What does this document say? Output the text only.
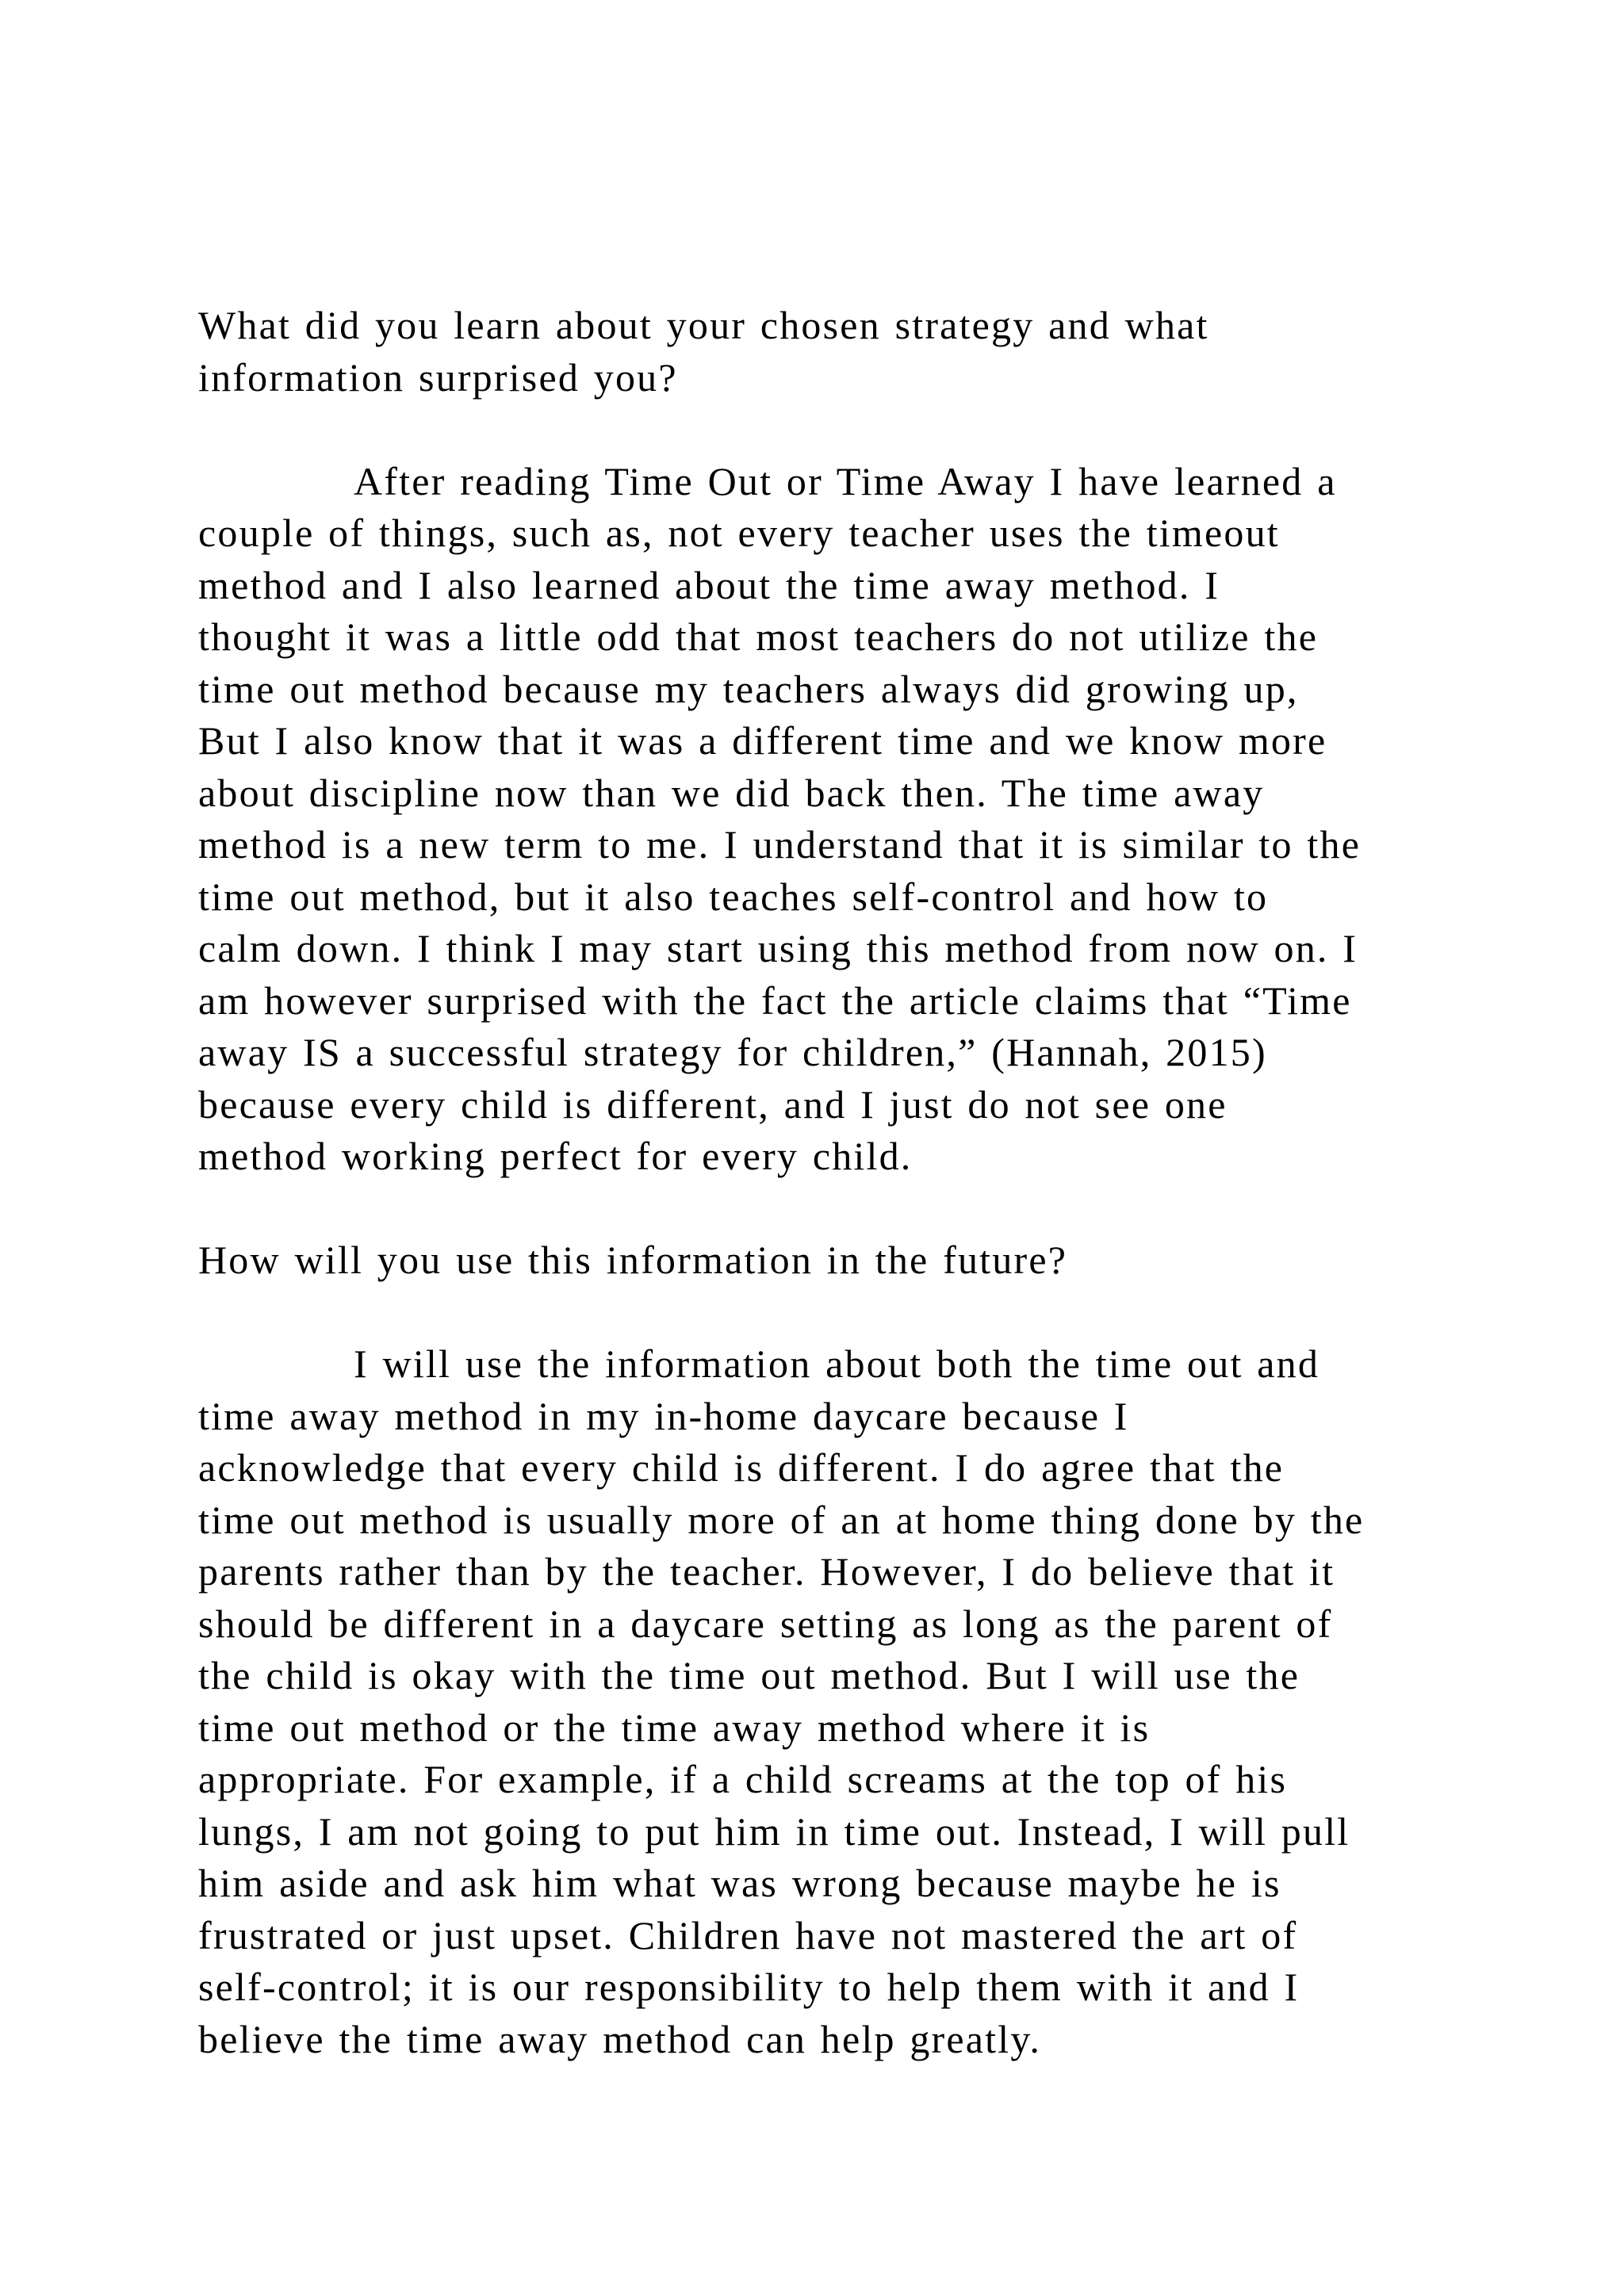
What did you learn about your chosen strategy and what

information surprised you?

After reading Time Out or Time Away I have learned a

couple of things, such as, not every teacher uses the timeout

method and I also learned about the time away method. I

thought it was a little odd that most teachers do not utilize the

time out method because my teachers always did growing up,

But I also know that it was a different time and we know more

about discipline now than we did back then. The time away

method is a new term to me. I understand that it is similar to the

time out method, but it also teaches self-control and how to

calm down. I think I may start using this method from now on. I

am however surprised with the fact the article claims that “Time

away IS a successful strategy for children,” (Hannah, 2015)

because every child is different, and I just do not see one

method working perfect for every child.

How will you use this information in the future?

I will use the information about both the time out and

time away method in my in-home daycare because I

acknowledge that every child is different. I do agree that the

time out method is usually more of an at home thing done by the

parents rather than by the teacher. However, I do believe that it

should be different in a daycare setting as long as the parent of

the child is okay with the time out method. But I will use the

time out method or the time away method where it is

appropriate. For example, if a child screams at the top of his

lungs, I am not going to put him in time out. Instead, I will pull

him aside and ask him what was wrong because maybe he is

frustrated or just upset. Children have not mastered the art of

self-control; it is our responsibility to help them with it and I

believe the time away method can help greatly.
